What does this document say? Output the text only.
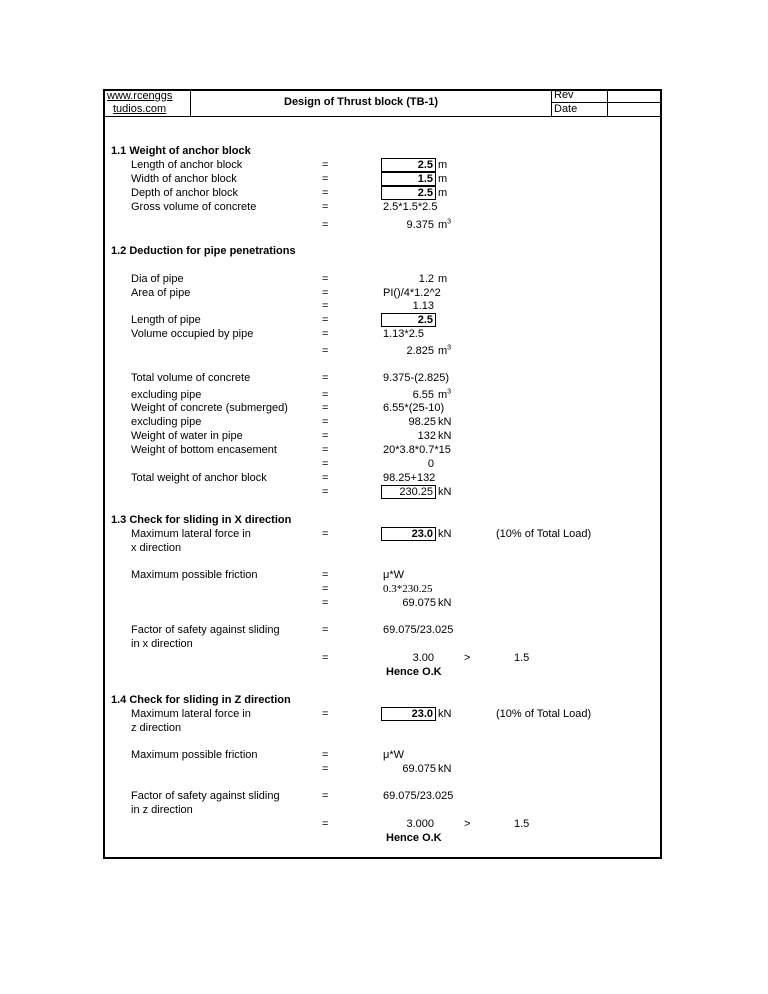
www.rcenggs
tudios.com
Design of Thrust block (TB-1)
Rev
Date
1.1 Weight of anchor block
Length of anchor block	=	2.5 m
Width of anchor block	=	1.5 m
Depth of anchor block	=	2.5 m
Gross volume of concrete	=	2.5*1.5*2.5
=	9.375 $m^3$
1.2 Deduction for pipe penetrations
Dia of pipe	=	1.2 m
Area of pipe	=	PI()/4*1.2^2
=	1.13
Length of pipe	=	2.5
Volume occupied by pipe	=	1.13*2.5
=	2.825 $m^3$
Total volume of concrete	=	9.375-(2.825)
excluding pipe	=	6.55 $m^3$
Weight of concrete (submerged)	=	6.55*(25-10)
excluding pipe	=	98.25 kN
Weight of water in pipe	=	132 kN
Weight of bottom encasement	=	20*3.8*0.7*15
=	0
Total weight of anchor block	=	98.25+132
=	230.25 kN
1.3 Check for sliding in X direction
Maximum lateral force in
x direction
=	23.0 kN	(10% of Total Load)
Maximum possible friction	=	μ*W
=	0.3*230.25
=	69.075 kN
Factor of safety against sliding
in x direction
=	69.075/23.025
=	3.00	>	1.5
Hence O.K
1.4 Check for sliding in Z direction
Maximum lateral force in
z direction
=	23.0 kN	(10% of Total Load)
Maximum possible friction	=	μ*W
=	69.075 kN
Factor of safety against sliding
in z direction
=	69.075/23.025
=	3.000	>	1.5
Hence O.K
